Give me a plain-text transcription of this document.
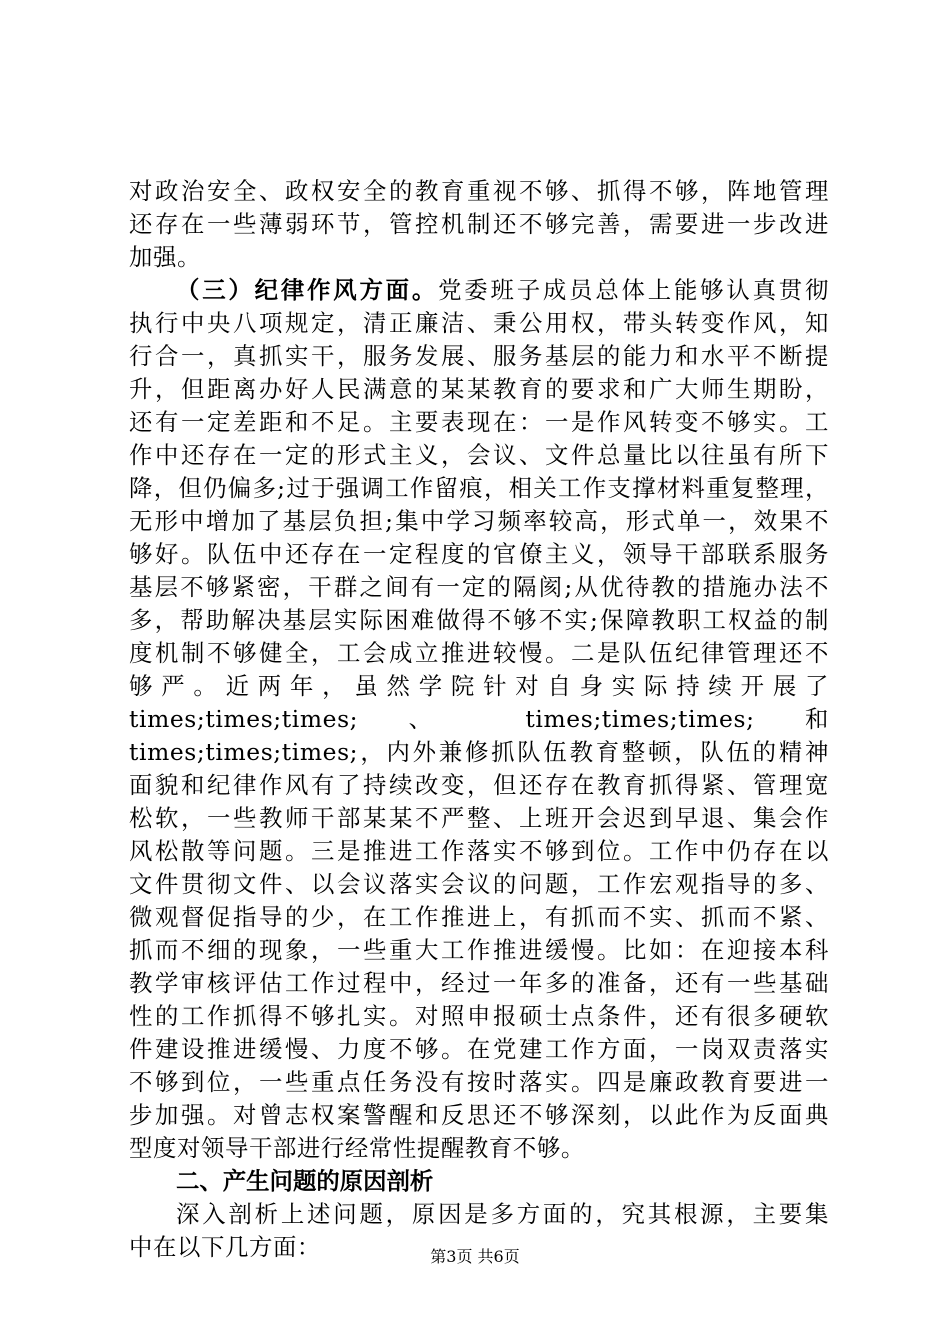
对政治安全、政权安全的教育重视不够、抓得不够，阵地管理
还存在一些薄弱环节，管控机制还不够完善，需要进一步改进
加强。
（三）纪律作风方面。党委班子成员总体上能够认真贯彻
执行中央八项规定，清正廉洁、秉公用权，带头转变作风，知
行合一，真抓实干，服务发展、服务基层的能力和水平不断提
升，但距离办好人民满意的某某教育的要求和广大师生期盼，
还有一定差距和不足。主要表现在：一是作风转变不够实。工
作中还存在一定的形式主义，会议、文件总量比以往虽有所下
降，但仍偏多;过于强调工作留痕，相关工作支撑材料重复整理，
无形中增加了基层负担;集中学习频率较高，形式单一，效果不
够好。队伍中还存在一定程度的官僚主义，领导干部联系服务
基层不够紧密，干群之间有一定的隔阂;从优待教的措施办法不
多，帮助解决基层实际困难做得不够不实;保障教职工权益的制
度机制不够健全，工会成立推进较慢。二是队伍纪律管理还不
够严。近两年，虽然学院针对自身实际持续开展了
times;times;times; 、 times;times;times; 和
times;times;times;，内外兼修抓队伍教育整顿，队伍的精神
面貌和纪律作风有了持续改变，但还存在教育抓得紧、管理宽
松软，一些教师干部某某不严整、上班开会迟到早退、集会作
风松散等问题。三是推进工作落实不够到位。工作中仍存在以
文件贯彻文件、以会议落实会议的问题，工作宏观指导的多、
微观督促指导的少，在工作推进上，有抓而不实、抓而不紧、
抓而不细的现象，一些重大工作推进缓慢。比如：在迎接本科
教学审核评估工作过程中，经过一年多的准备，还有一些基础
性的工作抓得不够扎实。对照申报硕士点条件，还有很多硬软
件建设推进缓慢、力度不够。在党建工作方面，一岗双责落实
不够到位，一些重点任务没有按时落实。四是廉政教育要进一
步加强。对曾志权案警醒和反思还不够深刻，以此作为反面典
型度对领导干部进行经常性提醒教育不够。
二、产生问题的原因剖析
深入剖析上述问题，原因是多方面的，究其根源，主要集
中在以下几方面：	第3页 共6页
